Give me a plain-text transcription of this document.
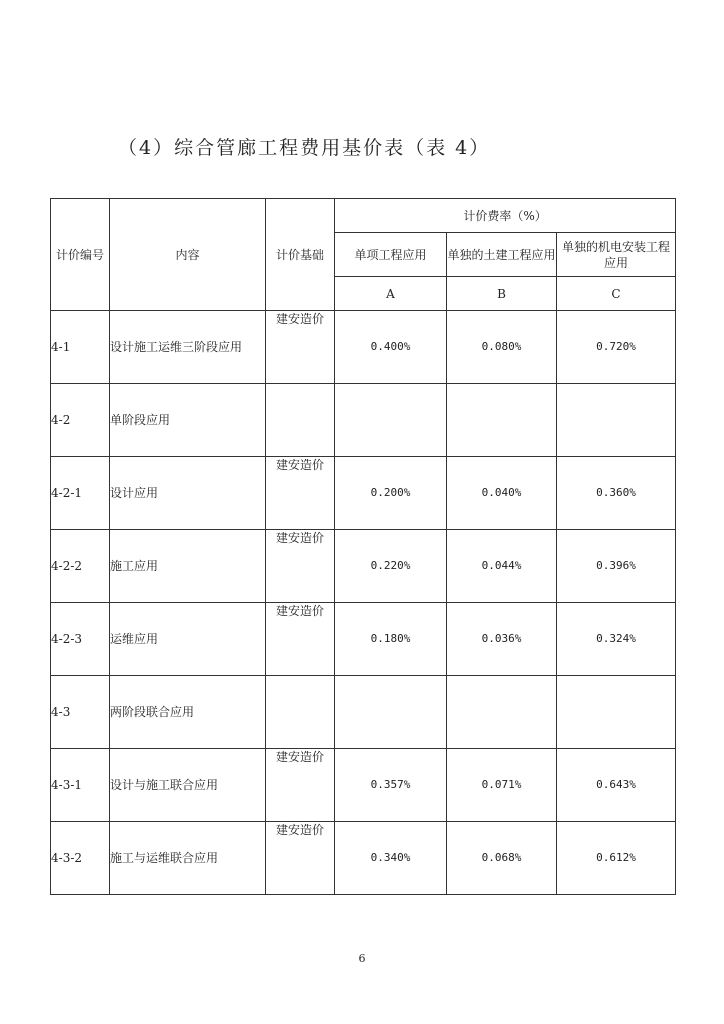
（4）综合管廊工程费用基价表（表 4）
计价编号	内容	计价基础	计价费率（%）		
			单项工程应用	单独的土建工程应用	单独的机电安装工程应用
			A	B	C
4-1	设计施工运维三阶段应用	建安造价	0.400%	0.080%	0.720%
4-2	单阶段应用				
4-2-1	设计应用	建安造价	0.200%	0.040%	0.360%
4-2-2	施工应用	建安造价	0.220%	0.044%	0.396%
4-2-3	运维应用	建安造价	0.180%	0.036%	0.324%
4-3	两阶段联合应用				
4-3-1	设计与施工联合应用	建安造价	0.357%	0.071%	0.643%
4-3-2	施工与运维联合应用	建安造价	0.340%	0.068%	0.612%
6
